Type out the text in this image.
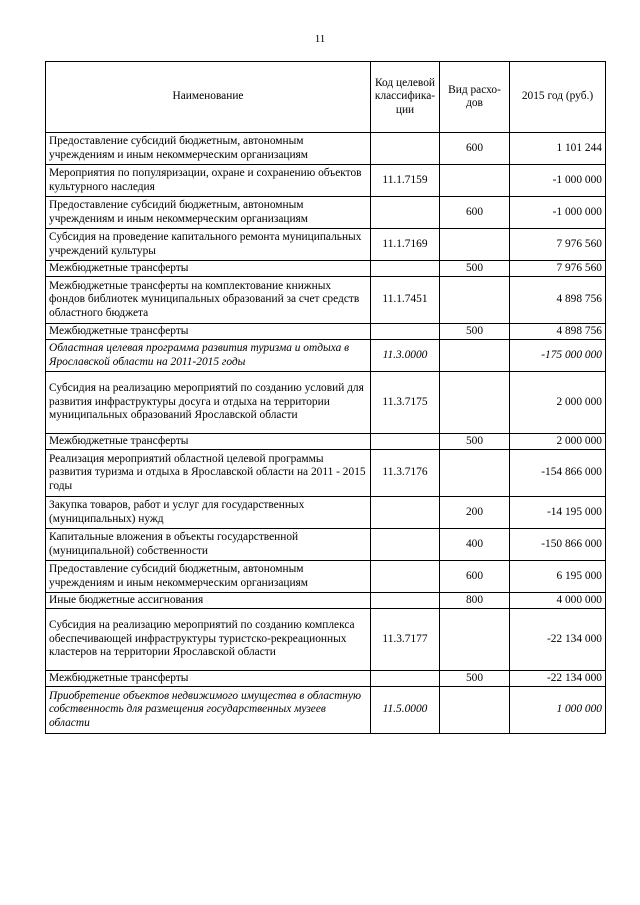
11
Наименование	Код целевой классифика-ции	Вид расхо-дов	2015 год (руб.)
Предоставление субсидий бюджетным, автономным учреждениям и иным некоммерческим организациям		600	1 101 244
Мероприятия по популяризации, охране и сохранению объектов культурного наследия	11.1.7159		-1 000 000
Предоставление субсидий бюджетным, автономным учреждениям и иным некоммерческим организациям		600	-1 000 000
Субсидия на проведение капитального ремонта муниципальных учреждений культуры	11.1.7169		7 976 560
Межбюджетные трансферты		500	7 976 560
Межбюджетные трансферты на комплектование книжных фондов библиотек муниципальных образований за счет средств областного бюджета	11.1.7451		4 898 756
Межбюджетные трансферты		500	4 898 756
Областная целевая программа развития туризма и отдыха в Ярославской области на 2011-2015 годы	11.3.0000		-175 000 000
Субсидия на реализацию мероприятий по созданию условий для развития инфраструктуры досуга и отдыха на территории муниципальных образований Ярославской области	11.3.7175		2 000 000
Межбюджетные трансферты		500	2 000 000
Реализация мероприятий областной целевой программы развития туризма и отдыха в Ярославской области на 2011 - 2015 годы	11.3.7176		-154 866 000
Закупка товаров, работ и услуг для государственных (муниципальных) нужд		200	-14 195 000
Капитальные вложения в объекты государственной (муниципальной) собственности		400	-150 866 000
Предоставление субсидий бюджетным, автономным учреждениям и иным некоммерческим организациям		600	6 195 000
Иные бюджетные ассигнования		800	4 000 000
Субсидия на реализацию мероприятий по созданию комплекса обеспечивающей инфраструктуры туристско-рекреационных кластеров на территории Ярославской области	11.3.7177		-22 134 000
Межбюджетные трансферты		500	-22 134 000
Приобретение объектов недвижимого имущества в областную собственность для размещения государственных музеев области	11.5.0000		1 000 000
